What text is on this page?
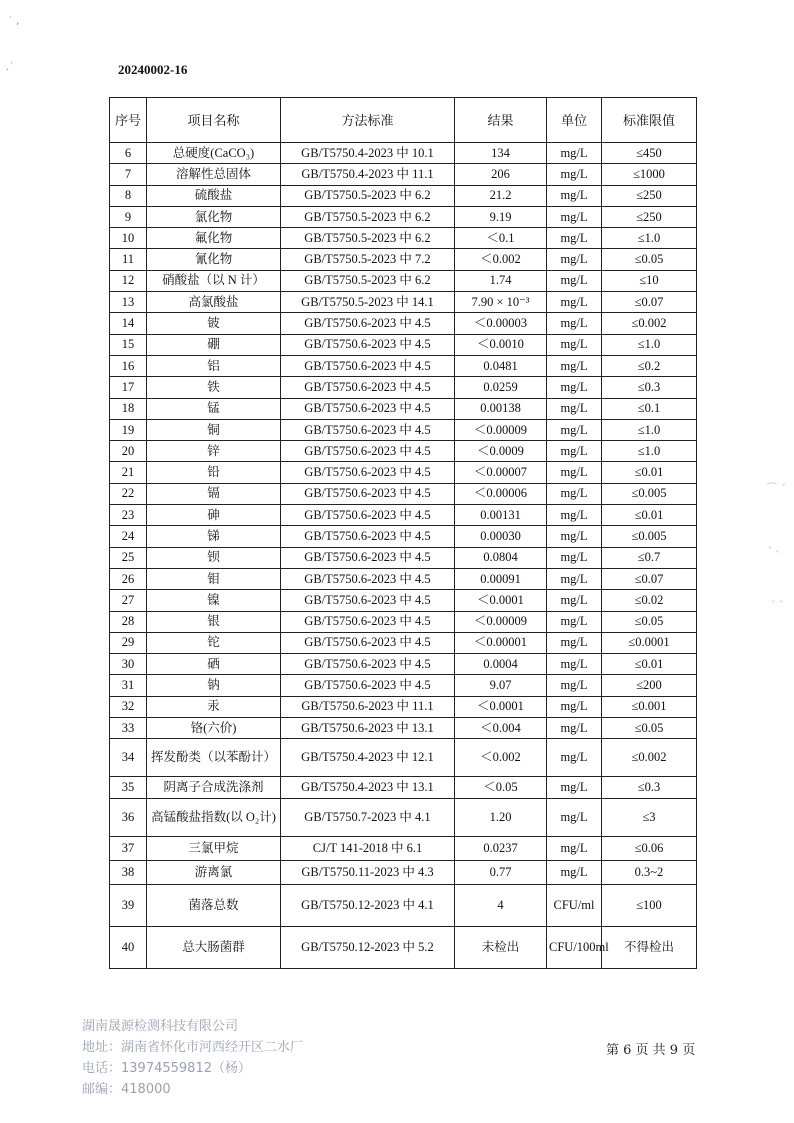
˙ ,
.˙	20240002-16
序号	项目名称	方法标准	结果	单位	标准限值
6	总硬度(CaCO₃)	GB/T5750.4-2023 中 10.1	134	mg/L	≤450
7	溶解性总固体	GB/T5750.4-2023 中 11.1	206	mg/L	≤1000
8	硫酸盐	GB/T5750.5-2023 中 6.2	21.2	mg/L	≤250
9	氯化物	GB/T5750.5-2023 中 6.2	9.19	mg/L	≤250
10	氟化物	GB/T5750.5-2023 中 6.2	＜0.1	mg/L	≤1.0
11	氰化物	GB/T5750.5-2023 中 7.2	＜0.002	mg/L	≤0.05
12	硝酸盐（以 N 计）	GB/T5750.5-2023 中 6.2	1.74	mg/L	≤10
13	高氯酸盐	GB/T5750.5-2023 中 14.1	7.90 × 10⁻³	mg/L	≤0.07
14	铍	GB/T5750.6-2023 中 4.5	＜0.00003	mg/L	≤0.002
15	硼	GB/T5750.6-2023 中 4.5	＜0.0010	mg/L	≤1.0
16	铝	GB/T5750.6-2023 中 4.5	0.0481	mg/L	≤0.2
17	铁	GB/T5750.6-2023 中 4.5	0.0259	mg/L	≤0.3
18	锰	GB/T5750.6-2023 中 4.5	0.00138	mg/L	≤0.1
19	铜	GB/T5750.6-2023 中 4.5	＜0.00009	mg/L	≤1.0
20	锌	GB/T5750.6-2023 中 4.5	＜0.0009	mg/L	≤1.0
21	铅	GB/T5750.6-2023 中 4.5	＜0.00007	mg/L	≤0.01
22	镉	GB/T5750.6-2023 中 4.5	＜0.00006	mg/L	≤0.005
23	砷	GB/T5750.6-2023 中 4.5	0.00131	mg/L	≤0.01
24	锑	GB/T5750.6-2023 中 4.5	0.00030	mg/L	≤0.005
25	钡	GB/T5750.6-2023 中 4.5	0.0804	mg/L	≤0.7
26	钼	GB/T5750.6-2023 中 4.5	0.00091	mg/L	≤0.07
27	镍	GB/T5750.6-2023 中 4.5	＜0.0001	mg/L	≤0.02
28	银	GB/T5750.6-2023 中 4.5	＜0.00009	mg/L	≤0.05
29	铊	GB/T5750.6-2023 中 4.5	＜0.00001	mg/L	≤0.0001
30	硒	GB/T5750.6-2023 中 4.5	0.0004	mg/L	≤0.01
31	钠	GB/T5750.6-2023 中 4.5	9.07	mg/L	≤200
32	汞	GB/T5750.6-2023 中 11.1	＜0.0001	mg/L	≤0.001
33	铬(六价)	GB/T5750.6-2023 中 13.1	＜0.004	mg/L	≤0.05
34	挥发酚类（以苯酚计）	GB/T5750.4-2023 中 12.1	＜0.002	mg/L	≤0.002
35	阴离子合成洗涤剂	GB/T5750.4-2023 中 13.1	＜0.05	mg/L	≤0.3
36	高锰酸盐指数(以 O₂计)	GB/T5750.7-2023 中 4.1	1.20	mg/L	≤3
37	三氯甲烷	CJ/T 141-2018 中 6.1	0.0237	mg/L	≤0.06
38	游离氯	GB/T5750.11-2023 中 4.3	0.77	mg/L	0.3~2
39	菌落总数	GB/T5750.12-2023 中 4.1	4	CFU/ml	≤100
40	总大肠菌群	GB/T5750.12-2023 中 5.2	未检出	CFU/100ml	不得检出
⌒ ˊ
˴ ˎ
ˏ ˎ
湖南晟源检测科技有限公司
地址：湖南省怀化市河西经开区二水厂
电话：13974559812（杨）
邮编：418000
第 6 页 共 9 页
